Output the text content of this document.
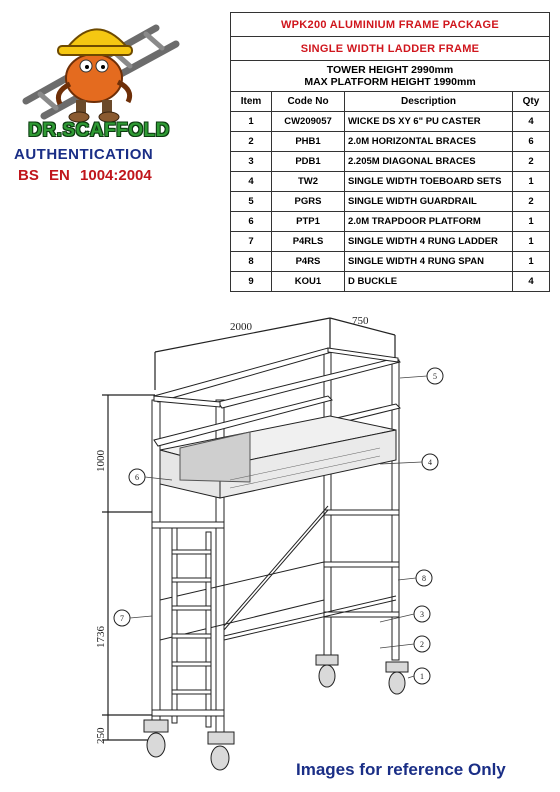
DR.SCAFFOLD
AUTHENTICATION
BS EN 1004:2004
WPK200 ALUMINIUM FRAME PACKAGE			
SINGLE WIDTH LADDER FRAME			
TOWER HEIGHT 2990mm
MAX PLATFORM HEIGHT 1990mm			
Item	Code No	Description	Qty
1	CW209057	WICKE DS XY 6" PU CASTER	4
2	PHB1	2.0M HORIZONTAL BRACES	6
3	PDB1	2.205M DIAGONAL BRACES	2
4	TW2	SINGLE WIDTH TOEBOARD SETS	1
5	PGRS	SINGLE WIDTH GUARDRAIL	2
6	PTP1	2.0M TRAPDOOR PLATFORM	1
7	P4RLS	SINGLE WIDTH 4 RUNG LADDER	1
8	P4RS	SINGLE WIDTH 4 RUNG SPAN	1
9	KOU1	D BUCKLE	4
2000	750
1000
1736
250
1
2
3
4
5
6
7
8
Images for reference Only
